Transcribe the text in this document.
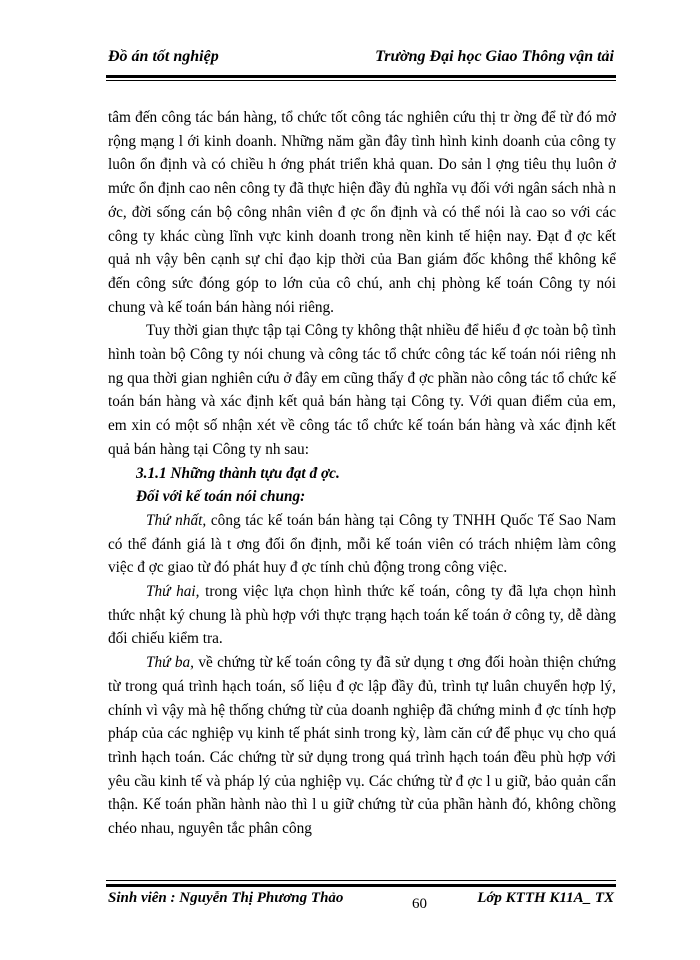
Đồ án tốt nghiệp	Trường Đại học Giao Thông vận tải

tâm đến công tác bán hàng, tổ chức tốt công tác nghiên cứu thị tr ờng để từ đó mở rộng mạng l ới kinh doanh. Những năm gần đây tình hình kinh doanh của công ty luôn ổn định và có chiều h ớng phát triển khả quan. Do sản l ợng tiêu thụ luôn ở mức ổn định cao nên công ty đã thực hiện đầy đủ nghĩa vụ đối với ngân sách nhà n ớc, đời sống cán bộ công nhân viên đ ợc ổn định và có thể nói là cao so với các công ty khác cùng lĩnh vực kinh doanh trong nền kinh tế hiện nay. Đạt đ ợc kết quả nh vậy bên cạnh sự chỉ đạo kịp thời của Ban giám đốc không thể không kể đến công sức đóng góp to lớn của cô chú, anh chị phòng kế toán Công ty nói chung và kế toán bán hàng nói riêng.

Tuy thời gian thực tập tại Công ty không thật nhiều để hiểu đ ợc toàn bộ tình hình toàn bộ Công ty nói chung và công tác tổ chức công tác kế toán nói riêng nh ng qua thời gian nghiên cứu ở đây em cũng thấy đ ợc phần nào công tác tổ chức kế toán bán hàng và xác định kết quả bán hàng tại Công ty. Với quan điểm của em, em xin có một số nhận xét về công tác tổ chức kế toán bán hàng và xác định kết quả bán hàng tại Công ty nh sau:

3.1.1 Những thành tựu đạt đ ợc.

Đối với kế toán nói chung:

Thứ nhất, công tác kế toán bán hàng tại Công ty TNHH Quốc Tế Sao Nam có thể đánh giá là t ơng đối ổn định, mỗi kế toán viên có trách nhiệm làm công việc đ ợc giao từ đó phát huy đ ợc tính chủ động trong công việc.

Thứ hai, trong việc lựa chọn hình thức kế toán, công ty đã lựa chọn hình thức nhật ký chung là phù hợp với thực trạng hạch toán kế toán ở công ty, dễ dàng đối chiếu kiểm tra.

Thứ ba, về chứng từ kế toán công ty đã sử dụng t ơng đối hoàn thiện chứng từ trong quá trình hạch toán, số liệu đ ợc lập đầy đủ, trình tự luân chuyển hợp lý, chính vì vậy mà hệ thống chứng từ của doanh nghiệp đã chứng minh đ ợc tính hợp pháp của các nghiệp vụ kinh tế phát sinh trong kỳ, làm căn cứ để phục vụ cho quá trình hạch toán. Các chứng từ sử dụng trong quá trình hạch toán đều phù hợp với yêu cầu kinh tế và pháp lý của nghiệp vụ. Các chứng từ đ ợc l u giữ, bảo quản cẩn thận. Kế toán phần hành nào thì l u giữ chứng từ của phần hành đó, không chồng chéo nhau, nguyên tắc phân công

Sinh viên : Nguyễn Thị Phương Thảo	60	Lớp KTTH K11A_ TX
